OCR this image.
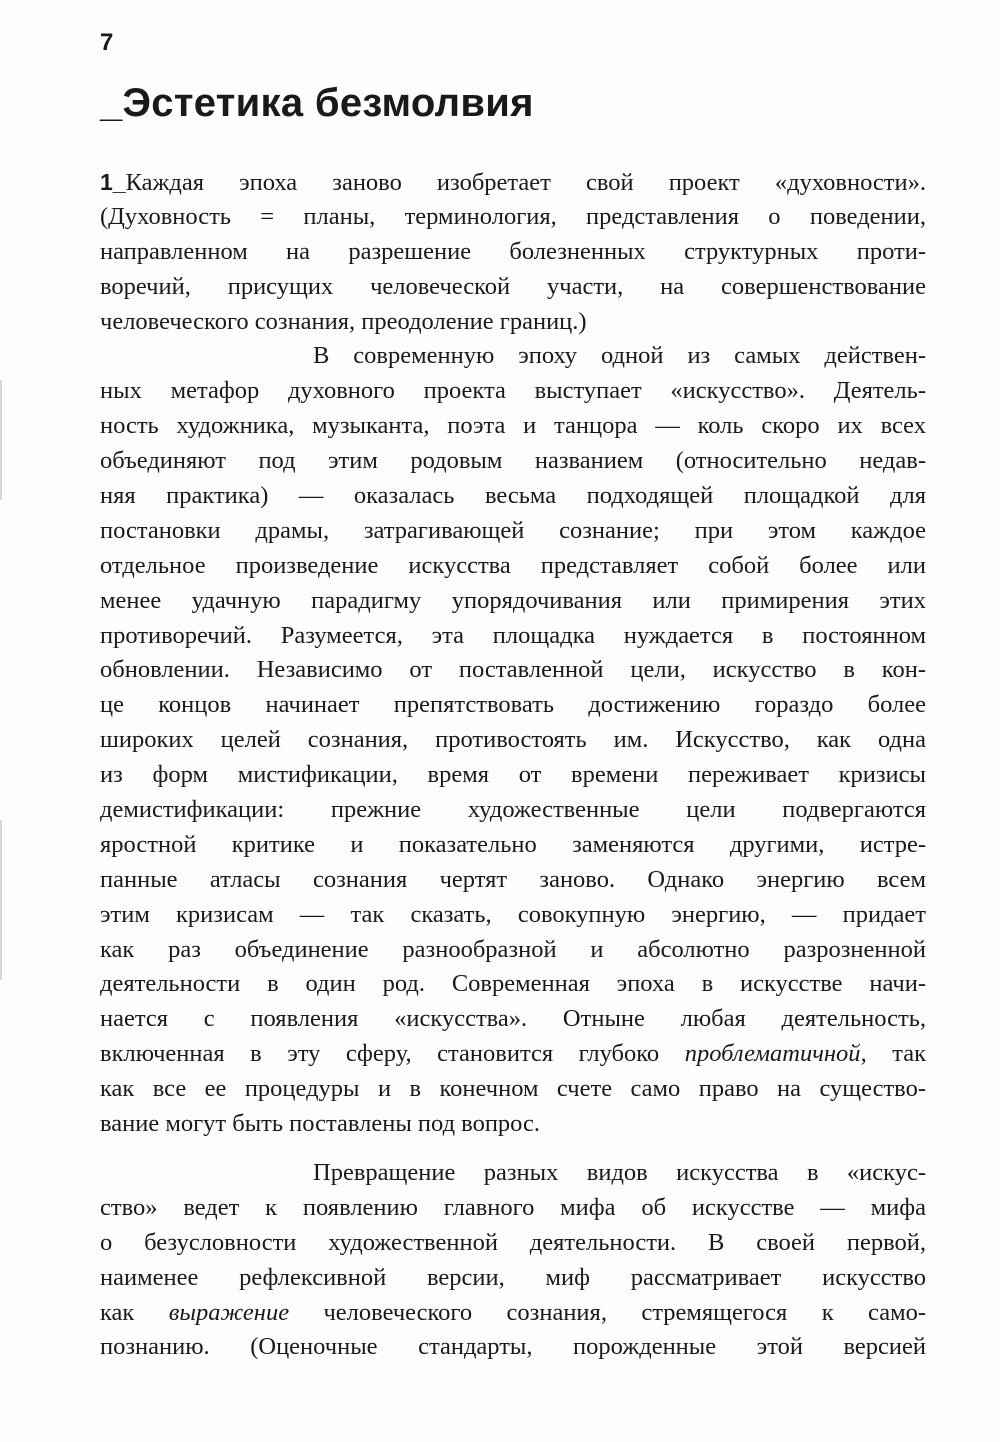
7
_Эстетика безмолвия
1_Каждая эпоха заново изобретает свой проект «духовности».
(Духовность = планы, терминология, представления о поведении,
направленном на разрешение болезненных структурных проти-
воречий, присущих человеческой участи, на совершенствование
человеческого сознания, преодоление границ.)
В современную эпоху одной из самых действен-
ных метафор духовного проекта выступает «искусство». Деятель-
ность художника, музыканта, поэта и танцора — коль скоро их всех
объединяют под этим родовым названием (относительно недав-
няя практика) — оказалась весьма подходящей площадкой для
постановки драмы, затрагивающей сознание; при этом каждое
отдельное произведение искусства представляет собой более или
менее удачную парадигму упорядочивания или примирения этих
противоречий. Разумеется, эта площадка нуждается в постоянном
обновлении. Независимо от поставленной цели, искусство в кон-
це концов начинает препятствовать достижению гораздо более
широких целей сознания, противостоять им. Искусство, как одна
из форм мистификации, время от времени переживает кризисы
демистификации: прежние художественные цели подвергаются
яростной критике и показательно заменяются другими, истре-
панные атласы сознания чертят заново. Однако энергию всем
этим кризисам — так сказать, совокупную энергию, — придает
как раз объединение разнообразной и абсолютно разрозненной
деятельности в один род. Современная эпоха в искусстве начи-
нается с появления «искусства». Отныне любая деятельность,
включенная в эту сферу, становится глубоко проблематичной, так
как все ее процедуры и в конечном счете само право на существо-
вание могут быть поставлены под вопрос.
Превращение разных видов искусства в «искус-
ство» ведет к появлению главного мифа об искусстве — мифа
о безусловности художественной деятельности. В своей первой,
наименее рефлексивной версии, миф рассматривает искусство
как выражение человеческого сознания, стремящегося к само-
познанию. (Оценочные стандарты, порожденные этой версией
